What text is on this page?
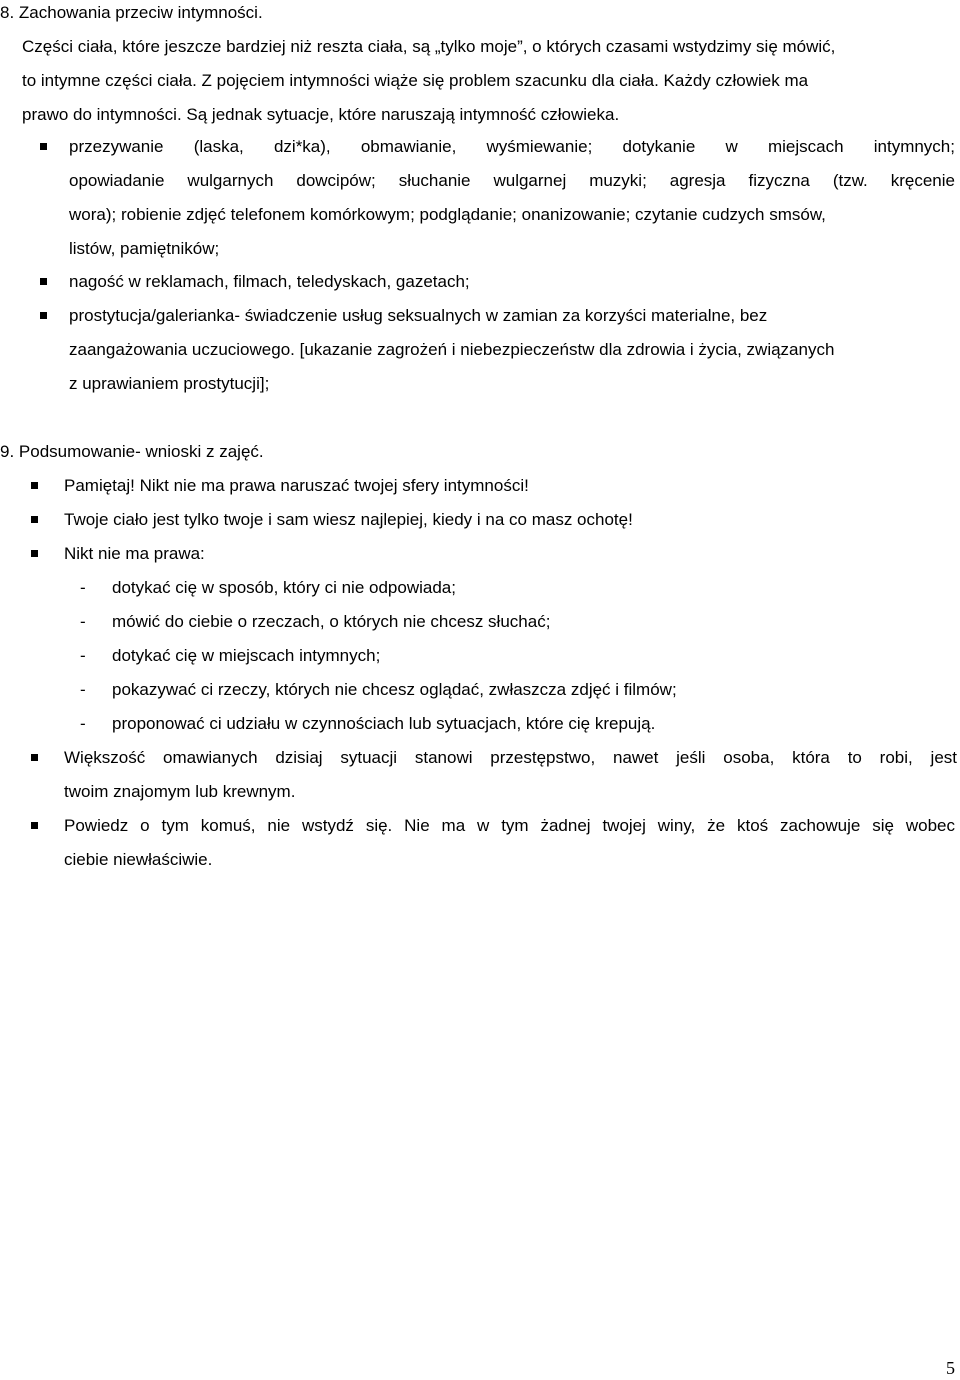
8. Zachowania przeciw intymności.
Części ciała, które jeszcze bardziej niż reszta ciała, są „tylko moje”, o których czasami wstydzimy się mówić,
to intymne części ciała. Z pojęciem intymności wiąże się problem szacunku dla ciała. Każdy człowiek ma
prawo do intymności. Są jednak sytuacje, które naruszają intymność człowieka.
przezywanie (laska, dzi*ka), obmawianie, wyśmiewanie; dotykanie w miejscach intymnych;
opowiadanie wulgarnych dowcipów; słuchanie wulgarnej muzyki; agresja fizyczna (tzw. kręcenie
wora); robienie zdjęć telefonem komórkowym; podglądanie; onanizowanie; czytanie cudzych smsów,
listów, pamiętników;
nagość w reklamach, filmach, teledyskach, gazetach;
prostytucja/galerianka- świadczenie usług seksualnych w zamian za korzyści materialne, bez
zaangażowania uczuciowego. [ukazanie zagrożeń i niebezpieczeństw dla zdrowia i życia, związanych
z uprawianiem prostytucji];
9. Podsumowanie- wnioski z zajęć.
Pamiętaj! Nikt nie ma prawa naruszać twojej sfery intymności!
Twoje ciało jest tylko twoje i sam wiesz najlepiej, kiedy i na co masz ochotę!
Nikt nie ma prawa:
- dotykać cię w sposób, który ci nie odpowiada;
- mówić do ciebie o rzeczach, o których nie chcesz słuchać;
- dotykać cię w miejscach intymnych;
- pokazywać ci rzeczy, których nie chcesz oglądać, zwłaszcza zdjęć i filmów;
- proponować ci udziału w czynnościach lub sytuacjach, które cię krepują.
Większość omawianych dzisiaj sytuacji stanowi przestępstwo, nawet jeśli osoba, która to robi, jest
twoim znajomym lub krewnym.
Powiedz o tym komuś, nie wstydź się. Nie ma w tym żadnej twojej winy, że ktoś zachowuje się wobec
ciebie niewłaściwie.
5
